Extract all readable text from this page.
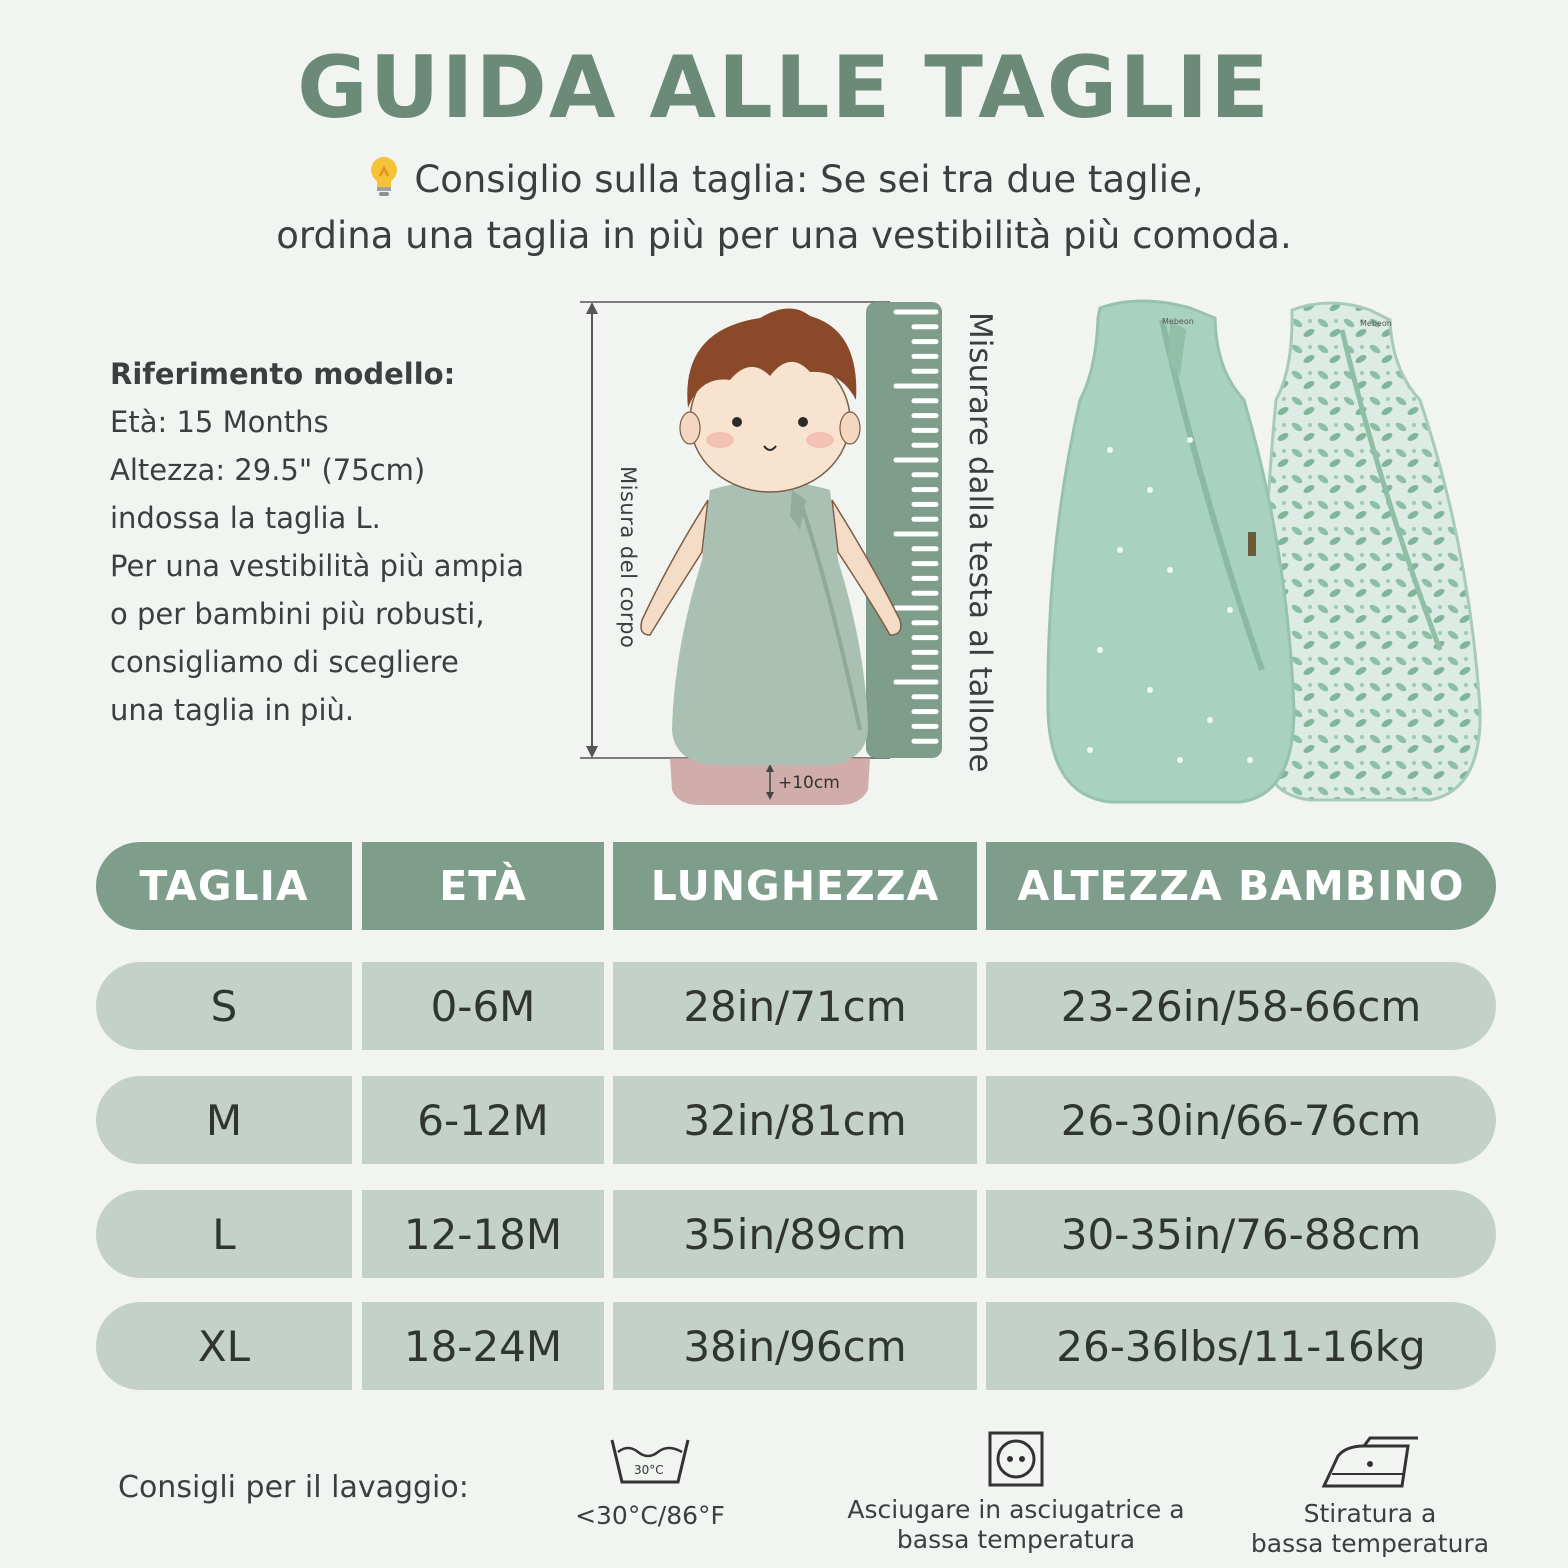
GUIDA ALLE TAGLIE
Consiglio sulla taglia: Se sei tra due taglie,
ordina una taglia in più per una vestibilità più comoda.
Riferimento modello:
Età: 15 Months
Altezza: 29.5" (75cm)
indossa la taglia L.
Per una vestibilità più ampia
o per bambini più robusti,
consigliamo di scegliere
una taglia in più.
+10cm
Misura del corpo	Misurare dalla testa al tallone	Mebeon
Mebeon
TAGLIA	ETÀ	LUNGHEZZA	ALTEZZA BAMBINO
S	0-6M	28in/71cm	23-26in/58-66cm
M	6-12M	32in/81cm	26-30in/66-76cm
L	12-18M	35in/89cm	30-35in/76-88cm
XL	18-24M	38in/96cm	26-36lbs/11-16kg
Consigli per il lavaggio:	30°C
<30°C/86°F	Asciugare in asciugatrice a
bassa temperatura
Stiratura a
bassa temperatura
